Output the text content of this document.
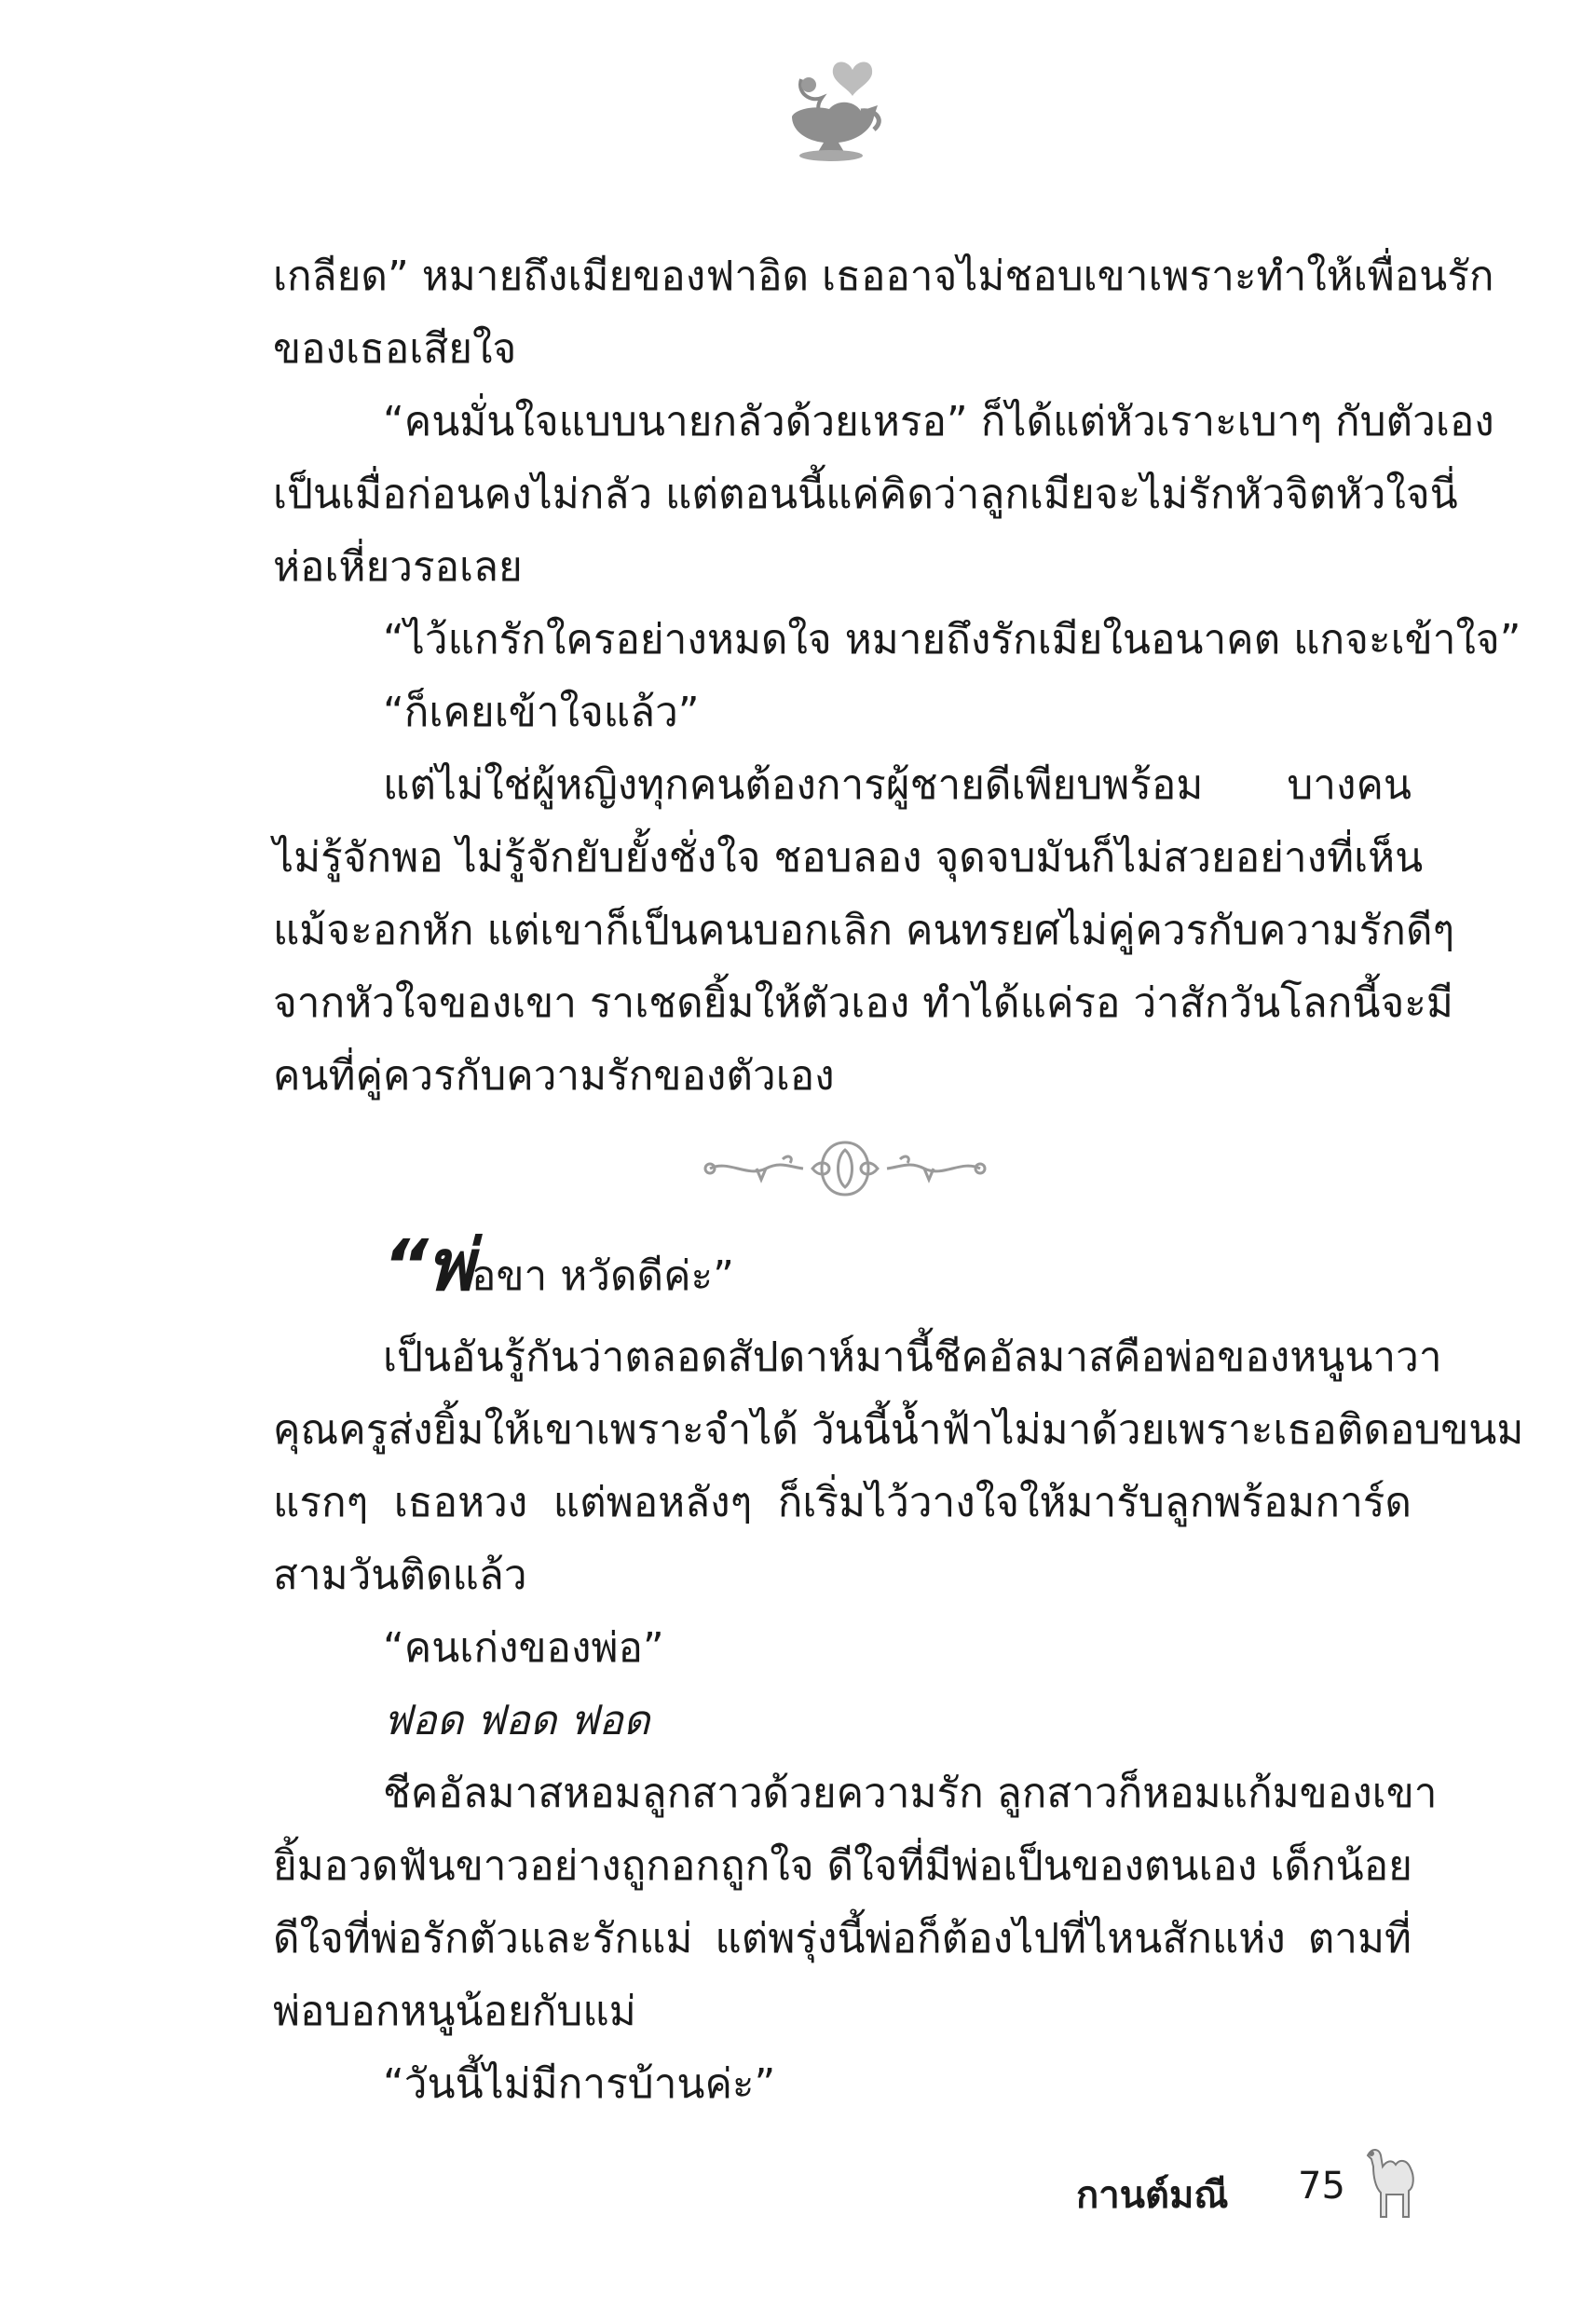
เกลียด” หมายถึงเมียของฟาอิด เธออาจไม่ชอบเขาเพราะทำให้เพื่อนรัก
ของเธอเสียใจ
“คนมั่นใจแบบนายกลัวด้วยเหรอ” ก็ได้แต่หัวเราะเบาๆ กับตัวเอง
เป็นเมื่อก่อนคงไม่กลัว แต่ตอนนี้แค่คิดว่าลูกเมียจะไม่รักหัวจิตหัวใจนี่
ห่อเหี่ยวรอเลย
“ไว้แกรักใครอย่างหมดใจ หมายถึงรักเมียในอนาคต แกจะเข้าใจ”
“ก็เคยเข้าใจแล้ว”
แต่ไม่ใช่ผู้หญิงทุกคนต้องการผู้ชายดีเพียบพร้อม บางคน
ไม่รู้จักพอ ไม่รู้จักยับยั้งชั่งใจ ชอบลอง จุดจบมันก็ไม่สวยอย่างที่เห็น
แม้จะอกหัก แต่เขาก็เป็นคนบอกเลิก คนทรยศไม่คู่ควรกับความรักดีๆ
จากหัวใจของเขา ราเชดยิ้มให้ตัวเอง ทำได้แค่รอ ว่าสักวันโลกนี้จะมี
คนที่คู่ควรกับความรักของตัวเอง
“พ่อขา หวัดดีค่ะ”
เป็นอันรู้กันว่าตลอดสัปดาห์มานี้ชีคอัลมาสคือพ่อของหนูนาวา
คุณครูส่งยิ้มให้เขาเพราะจำได้ วันนี้น้ำฟ้าไม่มาด้วยเพราะเธอติดอบขนม
แรกๆ เธอหวง แต่พอหลังๆ ก็เริ่มไว้วางใจให้มารับลูกพร้อมการ์ด
สามวันติดแล้ว
“คนเก่งของพ่อ”
ฟอด ฟอด ฟอด
ชีคอัลมาสหอมลูกสาวด้วยความรัก ลูกสาวก็หอมแก้มของเขา
ยิ้มอวดฟันขาวอย่างถูกอกถูกใจ ดีใจที่มีพ่อเป็นของตนเอง เด็กน้อย
ดีใจที่พ่อรักตัวและรักแม่ แต่พรุ่งนี้พ่อก็ต้องไปที่ไหนสักแห่ง ตามที่
พ่อบอกหนูน้อยกับแม่
“วันนี้ไม่มีการบ้านค่ะ”
กานต์มณี 75
